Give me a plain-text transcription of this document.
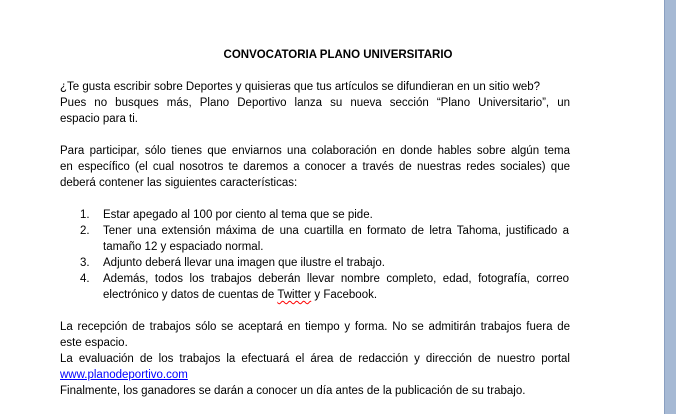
CONVOCATORIA PLANO UNIVERSITARIO

¿Te gusta escribir sobre Deportes y quisieras que tus artículos se difundieran en un sitio web?

Pues no busques más, Plano Deportivo lanza su nueva sección “Plano Universitario”, un

espacio para ti.

Para participar, sólo tienes que enviarnos una colaboración en donde hables sobre algún tema

en específico (el cual nosotros te daremos a conocer a través de nuestras redes sociales) que

deberá contener las siguientes características:

1.	Estar apegado al 100 por ciento al tema que se pide.
2.	Tener una extensión máxima de una cuartilla en formato de letra Tahoma, justificado a
tamaño 12 y espaciado normal.
3.	Adjunto deberá llevar una imagen que ilustre el trabajo.
4.	Además, todos los trabajos deberán llevar nombre completo, edad, fotografía, correo
electrónico y datos de cuentas de Twitter y Facebook.

La recepción de trabajos sólo se aceptará en tiempo y forma. No se admitirán trabajos fuera de

este espacio.

La evaluación de los trabajos la efectuará el área de redacción y dirección de nuestro portal

www.planodeportivo.com

Finalmente, los ganadores se darán a conocer un día antes de la publicación de su trabajo.
